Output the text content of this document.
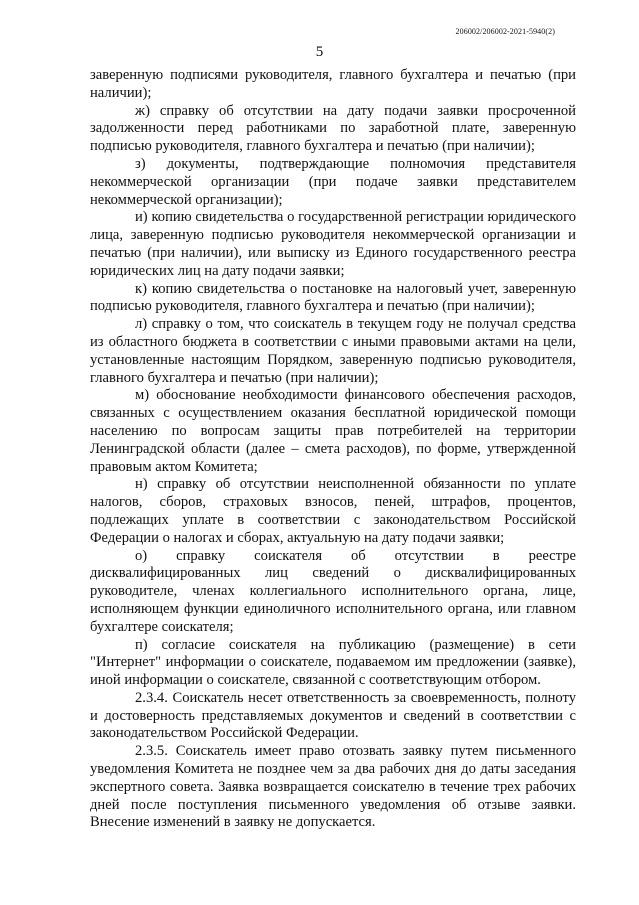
206002/206002-2021-5940(2)
5

заверенную подписями руководителя, главного бухгалтера и печатью (при наличии);

ж) справку об отсутствии на дату подачи заявки просроченной задолженности перед работниками по заработной плате, заверенную подписью руководителя, главного бухгалтера и печатью (при наличии);

з) документы, подтверждающие полномочия представителя некоммерческой организации (при подаче заявки представителем некоммерческой организации);

и) копию свидетельства о государственной регистрации юридического лица, заверенную подписью руководителя некоммерческой организации и печатью (при наличии), или выписку из Единого государственного реестра юридических лиц на дату подачи заявки;

к) копию свидетельства о постановке на налоговый учет, заверенную подписью руководителя, главного бухгалтера и печатью (при наличии);

л) справку о том, что соискатель в текущем году не получал средства из областного бюджета в соответствии с иными правовыми актами на цели, установленные настоящим Порядком, заверенную подписью руководителя, главного бухгалтера и печатью (при наличии);

м) обоснование необходимости финансового обеспечения расходов, связанных с осуществлением оказания бесплатной юридической помощи населению по вопросам защиты прав потребителей на территории Ленинградской области (далее – смета расходов), по форме, утвержденной правовым актом Комитета;

н) справку об отсутствии неисполненной обязанности по уплате налогов, сборов, страховых взносов, пеней, штрафов, процентов, подлежащих уплате в соответствии с законодательством Российской Федерации о налогах и сборах, актуальную на дату подачи заявки;

о) справку соискателя об отсутствии в реестре дисквалифицированных лиц сведений о дисквалифицированных руководителе, членах коллегиального исполнительного органа, лице, исполняющем функции единоличного исполнительного органа, или главном бухгалтере соискателя;

п) согласие соискателя на публикацию (размещение) в сети "Интернет" информации о соискателе, подаваемом им предложении (заявке), иной информации о соискателе, связанной с соответствующим отбором.

2.3.4. Соискатель несет ответственность за своевременность, полноту и достоверность представляемых документов и сведений в соответствии с законодательством Российской Федерации.

2.3.5. Соискатель имеет право отозвать заявку путем письменного уведомления Комитета не позднее чем за два рабочих дня до даты заседания экспертного совета. Заявка возвращается соискателю в течение трех рабочих дней после поступления письменного уведомления об отзыве заявки. Внесение изменений в заявку не допускается.
